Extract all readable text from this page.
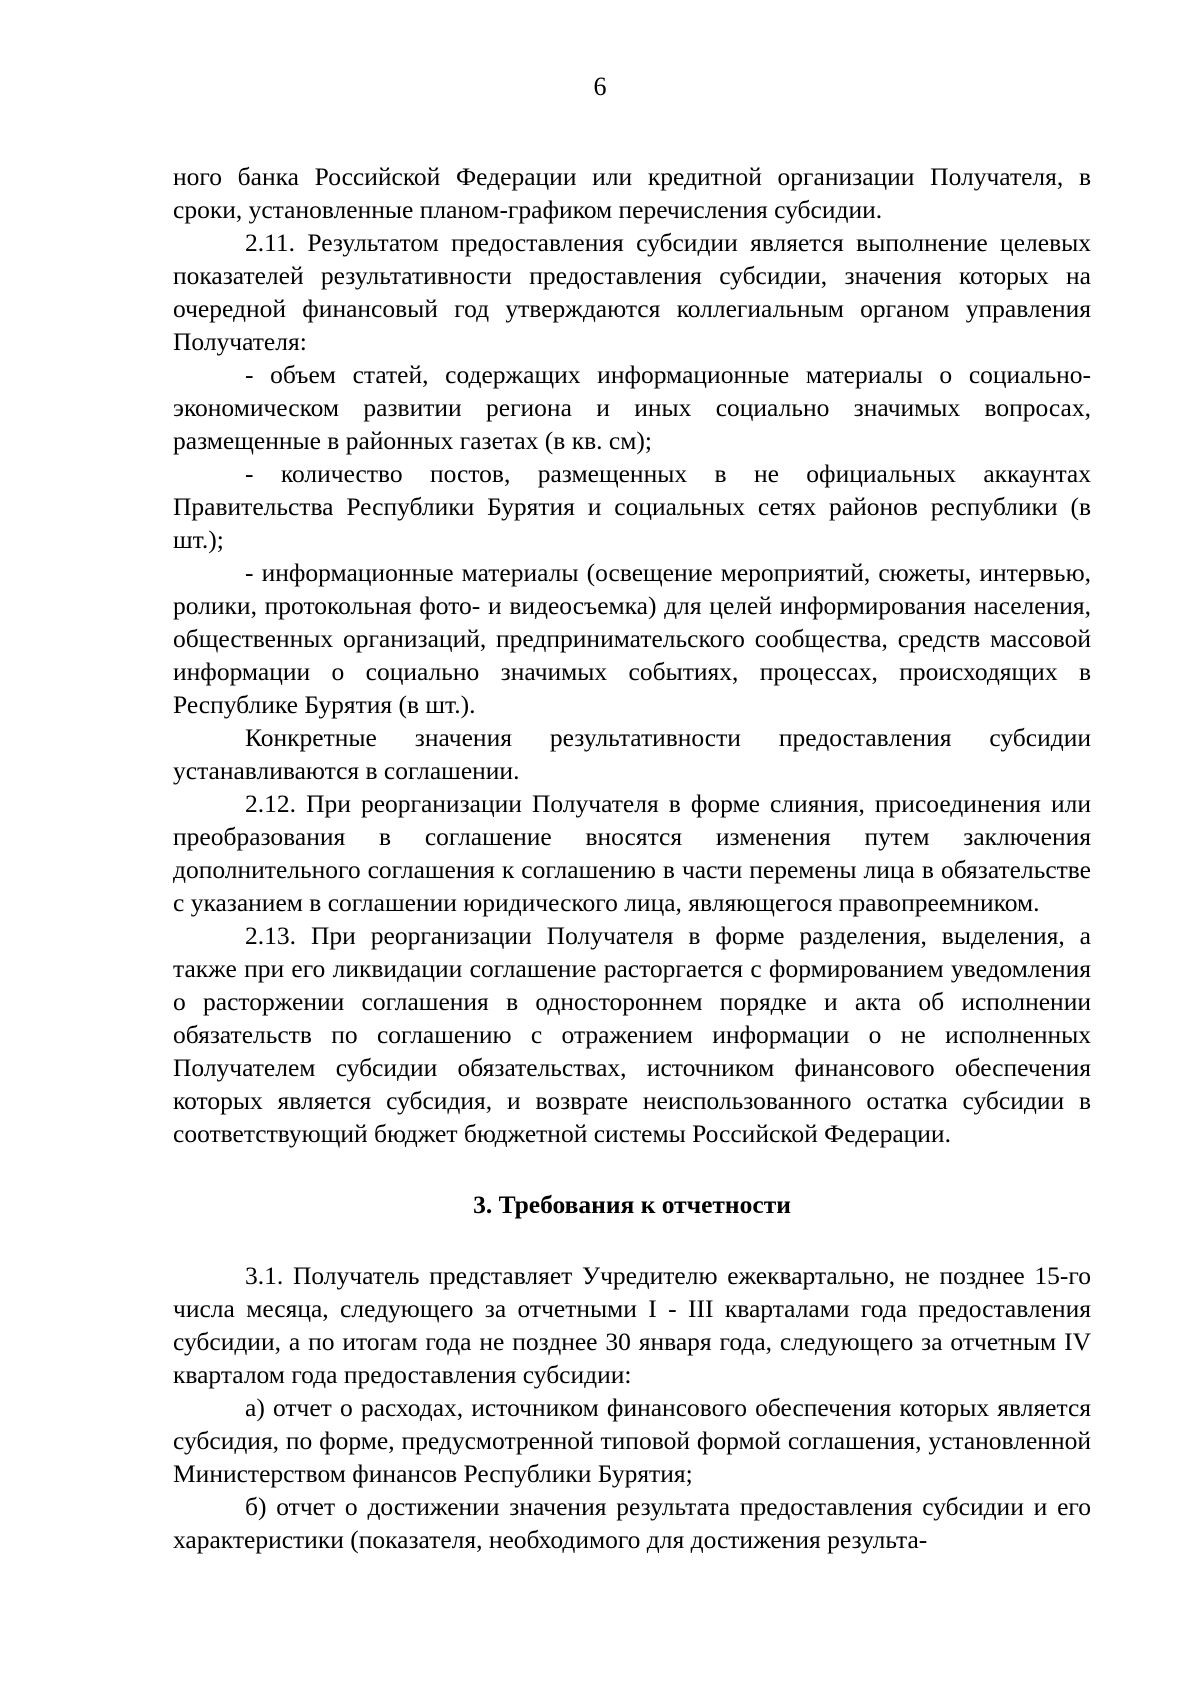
6

ного банка Российской Федерации или кредитной организации Получателя, в сроки, установленные планом-графиком перечисления субсидии.

2.11. Результатом предоставления субсидии является выполнение целевых показателей результативности предоставления субсидии, значения которых на очередной финансовый год утверждаются коллегиальным органом управления Получателя:

- объем статей, содержащих информационные материалы о социально-экономическом развитии региона и иных социально значимых вопросах, размещенные в районных газетах (в кв. см);

- количество постов, размещенных в не официальных аккаунтах Правительства Республики Бурятия и социальных сетях районов республики (в шт.);

- информационные материалы (освещение мероприятий, сюжеты, интервью, ролики, протокольная фото- и видеосъемка) для целей информирования населения, общественных организаций, предпринимательского сообщества, средств массовой информации о социально значимых событиях, процессах, происходящих в Республике Бурятия (в шт.).

Конкретные значения результативности предоставления субсидии устанавливаются в соглашении.

2.12. При реорганизации Получателя в форме слияния, присоединения или преобразования в соглашение вносятся изменения путем заключения дополнительного соглашения к соглашению в части перемены лица в обязательстве с указанием в соглашении юридического лица, являющегося правопреемником.

2.13. При реорганизации Получателя в форме разделения, выделения, а также при его ликвидации соглашение расторгается с формированием уведомления о расторжении соглашения в одностороннем порядке и акта об исполнении обязательств по соглашению с отражением информации о не исполненных Получателем субсидии обязательствах, источником финансового обеспечения которых является субсидия, и возврате неиспользованного остатка субсидии в соответствующий бюджет бюджетной системы Российской Федерации.

3. Требования к отчетности

3.1. Получатель представляет Учредителю ежеквартально, не позднее 15-го числа месяца, следующего за отчетными I - III кварталами года предоставления субсидии, а по итогам года не позднее 30 января года, следующего за отчетным IV кварталом года предоставления субсидии:

а) отчет о расходах, источником финансового обеспечения которых является субсидия, по форме, предусмотренной типовой формой соглашения, установленной Министерством финансов Республики Бурятия;

б) отчет о достижении значения результата предоставления субсидии и его характеристики (показателя, необходимого для достижения результа-
